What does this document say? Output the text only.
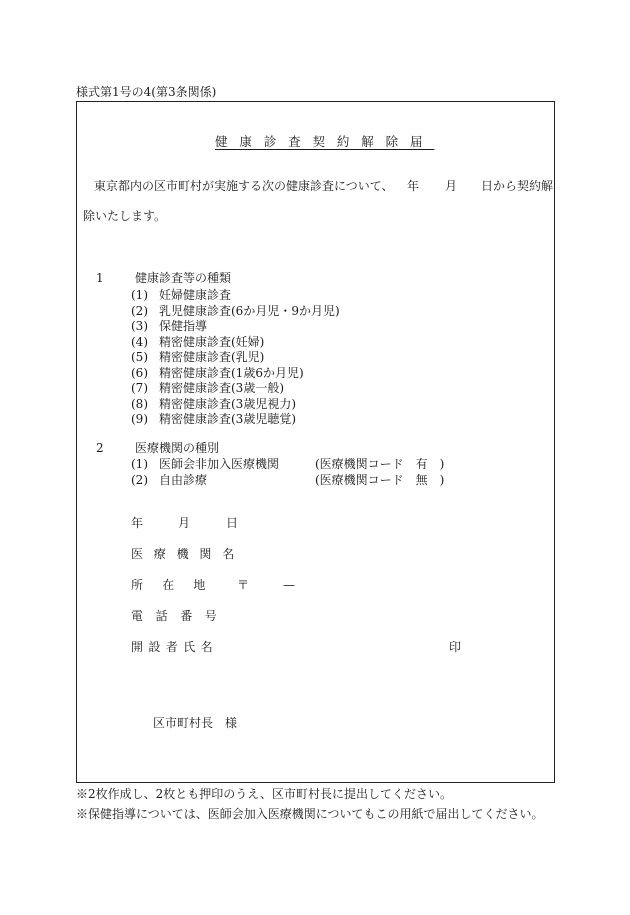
様式第1号の4(第3条関係)
健康診査契約解除届
東京都内の区市町村が実施する次の健康診査について、 年 月 日から契約解
除いたします。
1	健康診査等の種類
(1) 妊婦健康診査
(2) 乳児健康診査(6か月児・9か月児)
(3) 保健指導
(4) 精密健康診査(妊婦)
(5) 精密健康診査(乳児)
(6) 精密健康診査(1歳6か月児)
(7) 精密健康診査(3歳一般)
(8) 精密健康診査(3歳児視力)
(9) 精密健康診査(3歳児聴覚)
2	医療機関の種別
(1) 医師会非加入医療機関	(医療機関コード　有　)
(2) 自由診療	(医療機関コード　無　)
年	月	日
医療機関名
所在地 〒	—
電話番号
開設者氏名	印
区市町村長　様
※2枚作成し、2枚とも押印のうえ、区市町村長に提出してください。
※保健指導については、医師会加入医療機関についてもこの用紙で届出してください。
